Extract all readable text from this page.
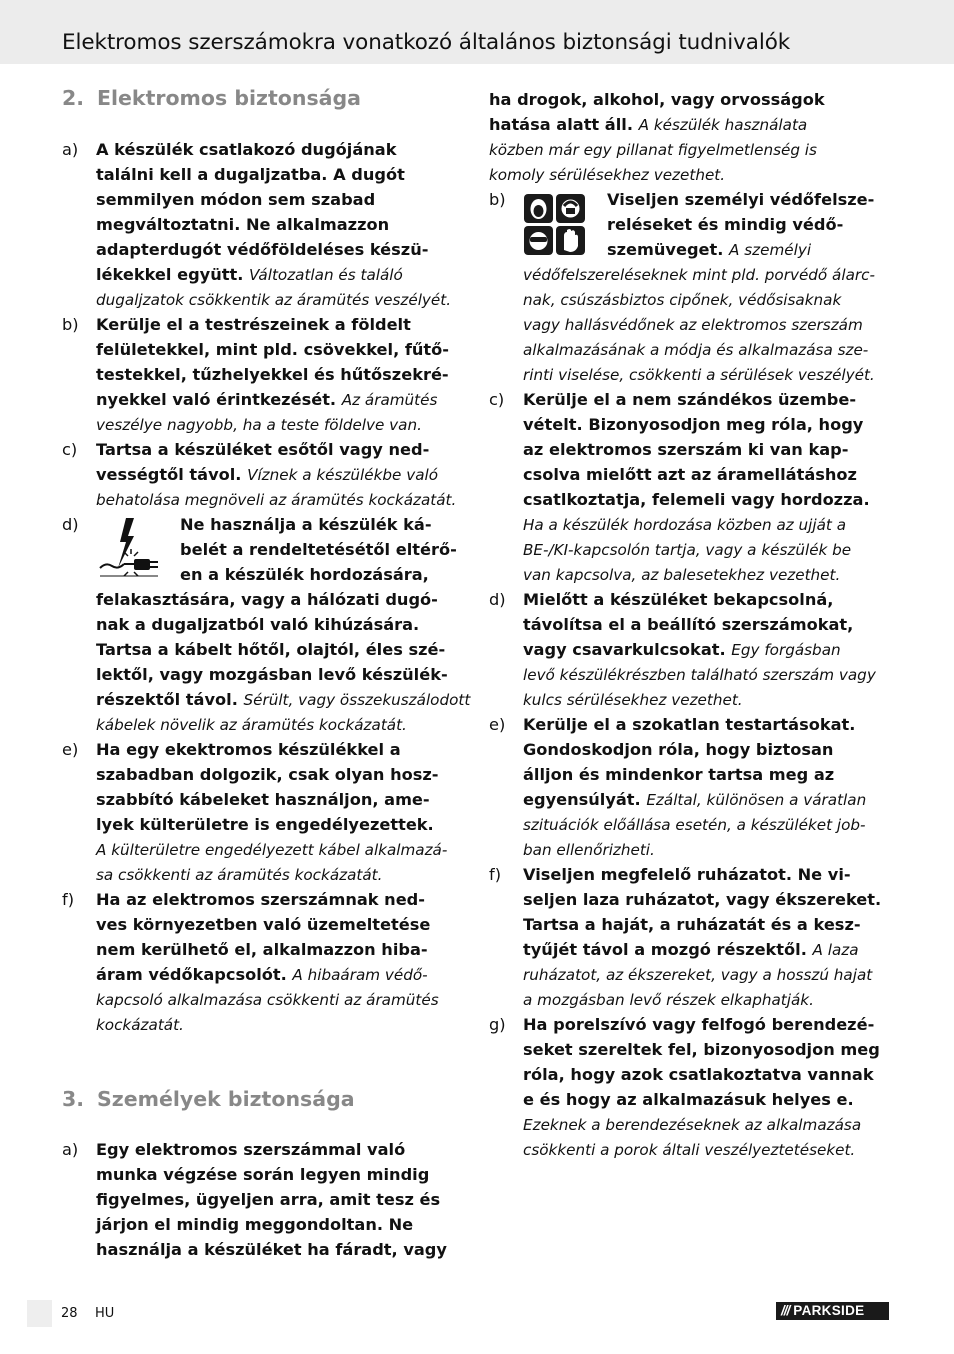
Elektromos szerszámokra vonatkozó általános biztonsági tudnivalók
2. Elektromos biztonsága
a) A készülék csatlakozó dugójának
találni kell a dugaljzatba. A dugót
semmilyen módon sem szabad
megváltoztatni. Ne alkalmazzon
adapterdugót védőföldeléses készü-
lékekkel együtt. Változatlan és találó
dugaljzatok csökkentik az áramütés veszélyét.
b) Kerülje el a testrészeinek a földelt
felületekkel, mint pld. csövekkel, fűtő-
testekkel, tűzhelyekkel és hűtőszekré-
nyekkel való érintkezését. Az áramütés
veszélye nagyobb, ha a teste földelve van.
c) Tartsa a készüléket esőtől vagy ned-
vességtől távol. Víznek a készülékbe való
behatolása megnöveli az áramütés kockázatát.
d)	Ne használja a készülék ká-
belét a rendeltetésétől eltérő-
en a készülék hordozására,
felakasztására, vagy a hálózati dugó-
nak a dugaljzatból való kihúzására.
Tartsa a kábelt hőtől, olajtól, éles szé-
lektől, vagy mozgásban levő készülék-
részektől távol. Sérült, vagy összekuszálodott
kábelek növelik az áramütés kockázatát.
e) Ha egy ekektromos készülékkel a
szabadban dolgozik, csak olyan hosz-
szabbító kábeleket használjon, ame-
lyek külterületre is engedélyezettek.
A külterületre engedélyezett kábel alkalmazá-
sa csökkenti az áramütés kockázatát.
f) Ha az elektromos szerszámnak ned-
ves környezetben való üzemeltetése
nem kerülhető el, alkalmazzon hiba-
áram védőkapcsolót. A hibaáram védő-
kapcsoló alkalmazása csökkenti az áramütés
kockázatát.
3. Személyek biztonsága
a) Egy elektromos szerszámmal való
munka végzése során legyen mindig
figyelmes, ügyeljen arra, amit tesz és
járjon el mindig meggondoltan. Ne
használja a készüléket ha fáradt, vagy
ha drogok, alkohol, vagy orvosságok
hatása alatt áll. A készülék használata
közben már egy pillanat figyelmetlenség is
komoly sérülésekhez vezethet.
b)	Viseljen személyi védőfelsze-
reléseket és mindig védő-
szemüveget. A személyi
védőfelszereléseknek mint pld. porvédő álarc-
nak, csúszásbiztos cipőnek, védősisaknak
vagy hallásvédőnek az elektromos szerszám
alkalmazásának a módja és alkalmazása sze-
rinti viselése, csökkenti a sérülések veszélyét.
c) Kerülje el a nem szándékos üzembe-
vételt. Bizonyosodjon meg róla, hogy
az elektromos szerszám ki van kap-
csolva mielőtt azt az áramellátáshoz
csatlkoztatja, felemeli vagy hordozza.
Ha a készülék hordozása közben az ujját a
BE-/KI-kapcsolón tartja, vagy a készülék be
van kapcsolva, az balesetekhez vezethet.
d) Mielőtt a készüléket bekapcsolná,
távolítsa el a beállító szerszámokat,
vagy csavarkulcsokat. Egy forgásban
levő készülékrészben található szerszám vagy
kulcs sérülésekhez vezethet.
e) Kerülje el a szokatlan testartásokat.
Gondoskodjon róla, hogy biztosan
álljon és mindenkor tartsa meg az
egyensúlyát. Ezáltal, különösen a váratlan
szituációk előállása esetén, a készüléket job-
ban ellenőrizheti.
f) Viseljen megfelelő ruházatot. Ne vi-
seljen laza ruházatot, vagy ékszereket.
Tartsa a haját, a ruházatát és a kesz-
tyűjét távol a mozgó részektől. A laza
ruházatot, az ékszereket, vagy a hosszú hajat
a mozgásban levő részek elkaphatják.
g) Ha porelszívó vagy felfogó berendezé-
seket szereltek fel, bizonyosodjon meg
róla, hogy azok csatlakoztatva vannak
e és hogy az alkalmazásuk helyes e.
Ezeknek a berendezéseknek az alkalmazása
csökkenti a porok általi veszélyeztetéseket.
28 HU	/// PARKSIDE
